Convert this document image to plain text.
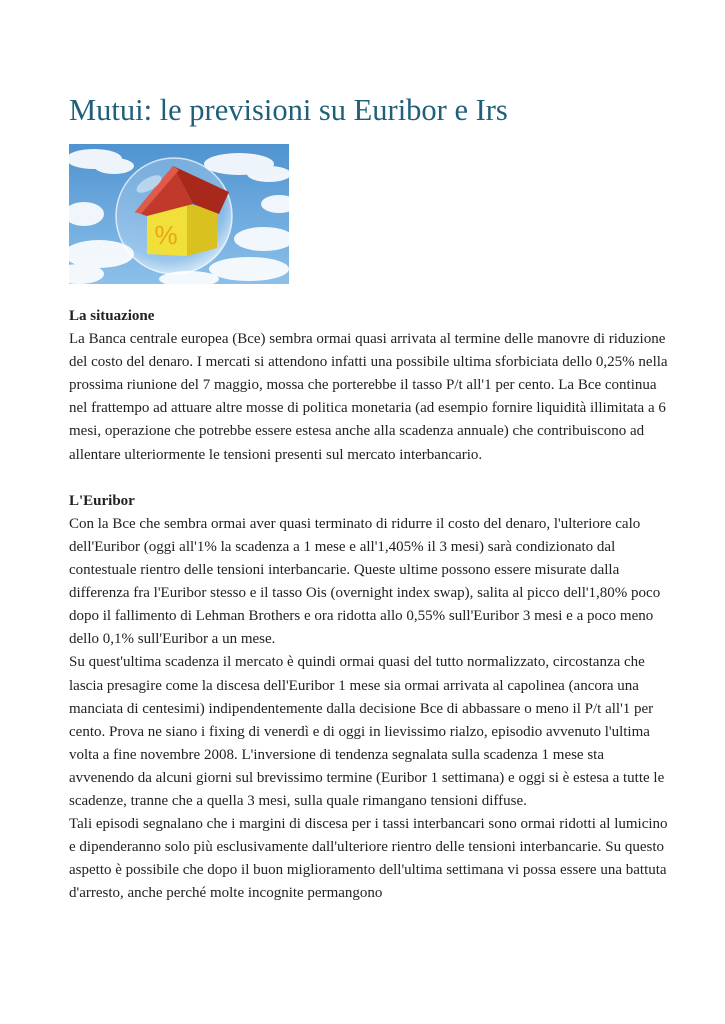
Mutui: le previsioni su Euribor e Irs
%
La situazione

La Banca centrale europea (Bce) sembra ormai quasi arrivata al termine delle manovre di riduzione del costo del denaro. I mercati si attendono infatti una possibile ultima sforbiciata dello 0,25% nella prossima riunione del 7 maggio, mossa che porterebbe il tasso P/t all'1 per cento. La Bce continua nel frattempo ad attuare altre mosse di politica monetaria (ad esempio fornire liquidità illimitata a 6 mesi, operazione che potrebbe essere estesa anche alla scadenza annuale) che contribuiscono ad allentare ulteriormente le tensioni presenti sul mercato interbancario.

L'Euribor

Con la Bce che sembra ormai aver quasi terminato di ridurre il costo del denaro, l'ulteriore calo dell'Euribor (oggi all'1% la scadenza a 1 mese e all'1,405% il 3 mesi) sarà condizionato dal contestuale rientro delle tensioni interbancarie. Queste ultime possono essere misurate dalla differenza fra l'Euribor stesso e il tasso Ois (overnight index swap), salita al picco dell'1,80% poco dopo il fallimento di Lehman Brothers e ora ridotta allo 0,55% sull'Euribor 3 mesi e a poco meno dello 0,1% sull'Euribor a un mese.

Su quest'ultima scadenza il mercato è quindi ormai quasi del tutto normalizzato, circostanza che lascia presagire come la discesa dell'Euribor 1 mese sia ormai arrivata al capolinea (ancora una manciata di centesimi) indipendentemente dalla decisione Bce di abbassare o meno il P/t all'1 per cento. Prova ne siano i fixing di venerdì e di oggi in lievissimo rialzo, episodio avvenuto l'ultima volta a fine novembre 2008. L'inversione di tendenza segnalata sulla scadenza 1 mese sta avvenendo da alcuni giorni sul brevissimo termine (Euribor 1 settimana) e oggi si è estesa a tutte le scadenze, tranne che a quella 3 mesi, sulla quale rimangano tensioni diffuse.

Tali episodi segnalano che i margini di discesa per i tassi interbancari sono ormai ridotti al lumicino e dipenderanno solo più esclusivamente dall'ulteriore rientro delle tensioni interbancarie. Su questo aspetto è possibile che dopo il buon miglioramento dell'ultima settimana vi possa essere una battuta d'arresto, anche perché molte incognite permangono
